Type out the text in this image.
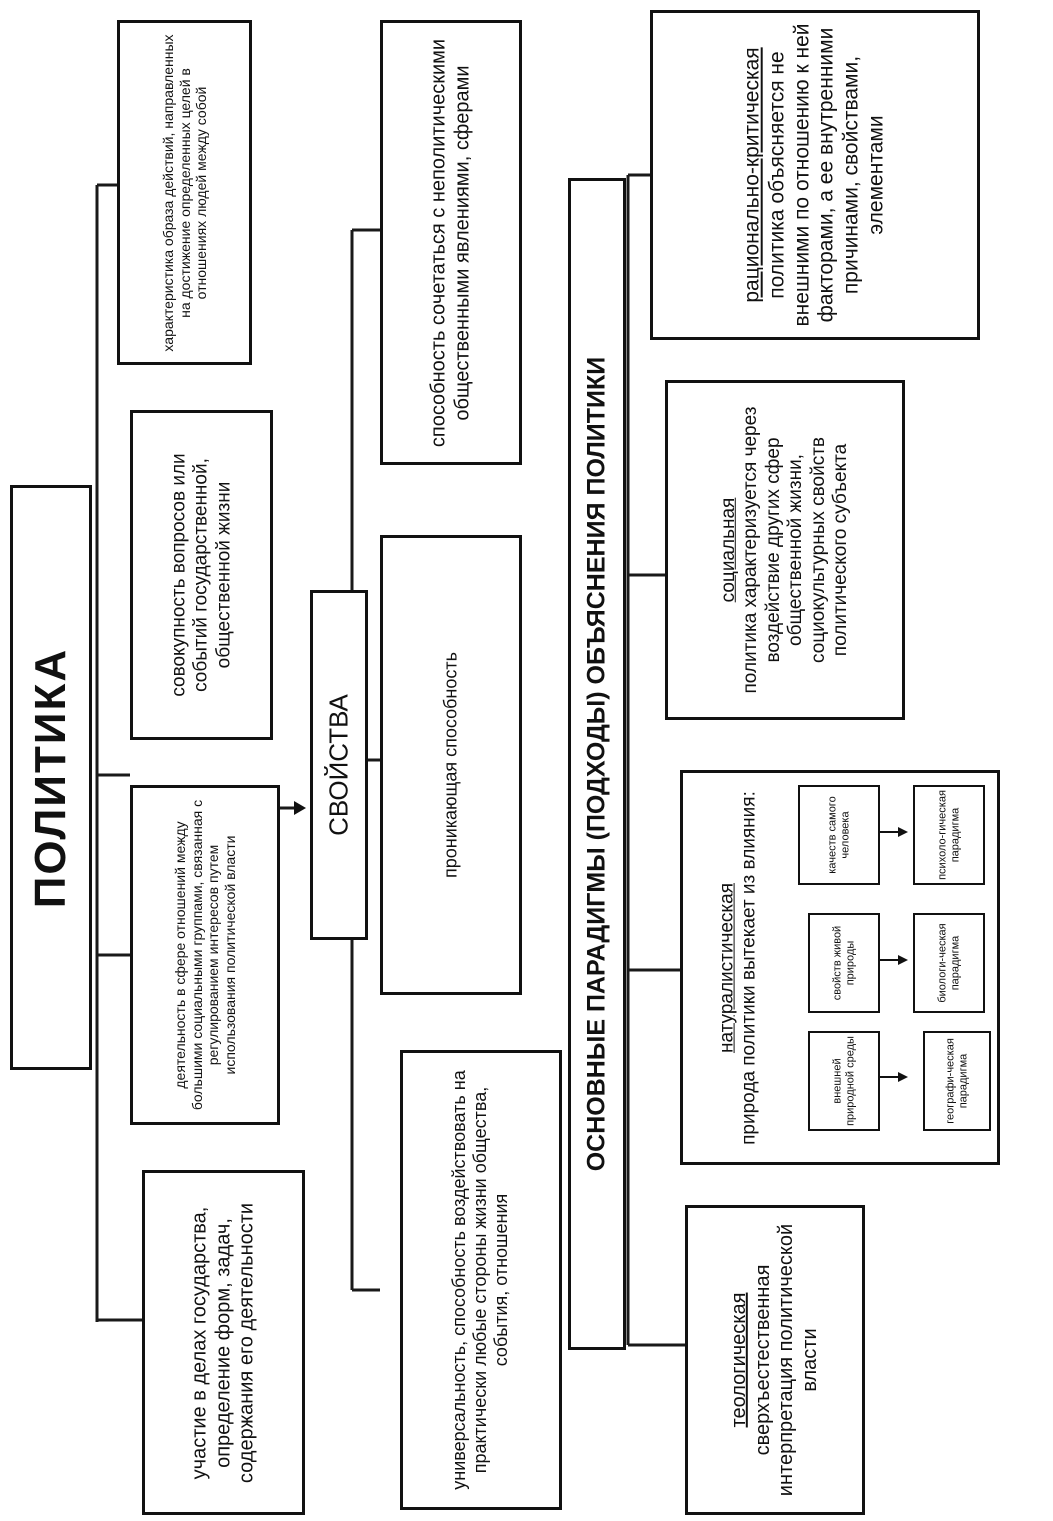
ПОЛИТИКА
участие в делах государства, определение форм, задач, содержания его деятельности
деятельность в сфере отношений между большими социальными группами, связанная с регулированием интересов путем использования политической власти
совокупность вопросов или событий государственной, общественной жизни
характеристика образа действий, направленных на достижение определенных целей в отношениях людей между собой
СВОЙСТВА
универсальность, способность воздействовать на практически любые стороны жизни общества, события, отношения
проникающая способность
способность сочетаться с неполитическими общественными явлениями, сферами
ОСНОВНЫЕ ПАРАДИГМЫ (ПОДХОДЫ) ОБЪЯСНЕНИЯ ПОЛИТИКИ
теологическая сверхъестественная интерпретация политической власти
натуралистическая природа политики вытекает из влияния:	внешней природной среды
свойств живой природы
качеств самого человека
географи-ческая парадигма
биологи-ческая парадигма
психоло-гическая парадигма
социальная политика характеризуется через воздействие других сфер общественной жизни, социокультурных свойств политического субъекта
рационально-критическая политика объясняется не внешними по отношению к ней факторами, а ее внутренними причинами, свойствами, элементами
